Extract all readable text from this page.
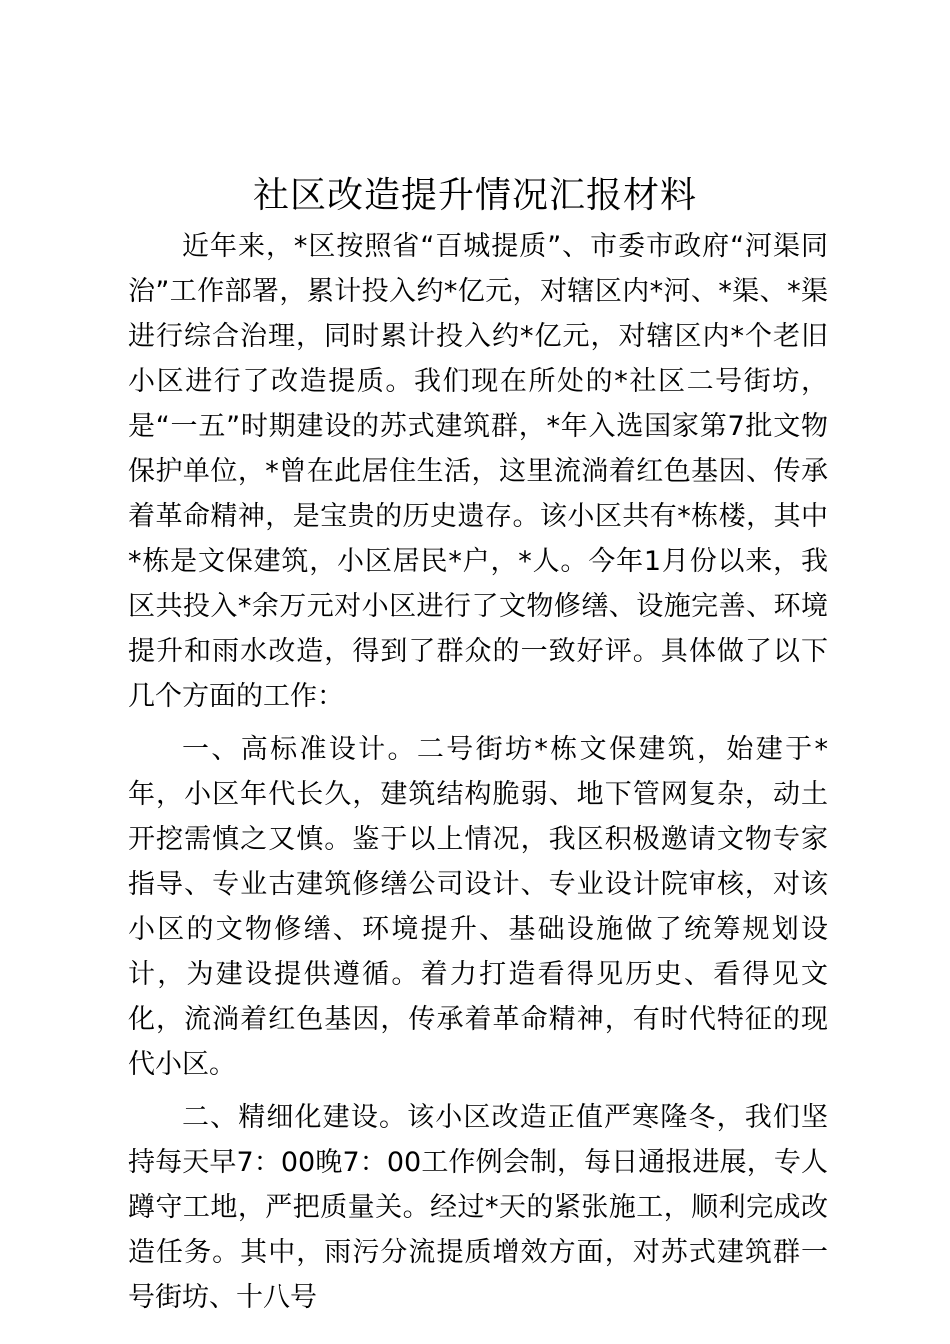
社区改造提升情况汇报材料

近年来，*区按照省“百城提质”、市委市政府“河渠同治”工作部署，累计投入约*亿元，对辖区内*河、*渠、*渠进行综合治理，同时累计投入约*亿元，对辖区内*个老旧小区进行了改造提质。我们现在所处的*社区二号街坊，是“一五”时期建设的苏式建筑群，*年入选国家第7批文物保护单位，*曾在此居住生活，这里流淌着红色基因、传承着革命精神，是宝贵的历史遗存。该小区共有*栋楼，其中*栋是文保建筑，小区居民*户，*人。今年1月份以来，我区共投入*余万元对小区进行了文物修缮、设施完善、环境提升和雨水改造，得到了群众的一致好评。具体做了以下几个方面的工作：

一、高标准设计。二号街坊*栋文保建筑，始建于*年，小区年代长久，建筑结构脆弱、地下管网复杂，动土开挖需慎之又慎。鉴于以上情况，我区积极邀请文物专家指导、专业古建筑修缮公司设计、专业设计院审核，对该小区的文物修缮、环境提升、基础设施做了统筹规划设计，为建设提供遵循。着力打造看得见历史、看得见文化，流淌着红色基因，传承着革命精神，有时代特征的现代小区。

二、精细化建设。该小区改造正值严寒隆冬，我们坚持每天早7：00晚7：00工作例会制，每日通报进展，专人蹲守工地，严把质量关。经过*天的紧张施工，顺利完成改造任务。其中，雨污分流提质增效方面，对苏式建筑群一号街坊、十八号
